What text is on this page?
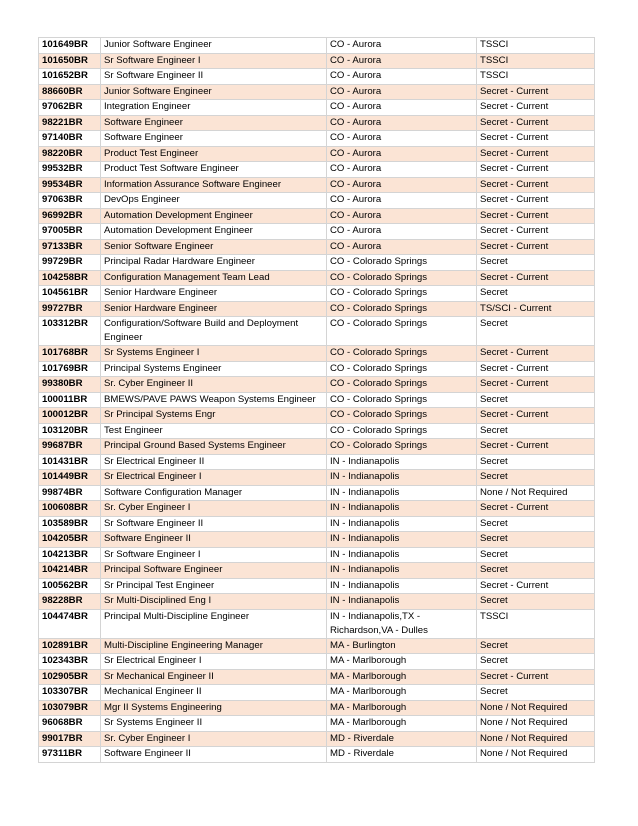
101649BR	Junior Software Engineer	CO - Aurora	TSSCI
101650BR	Sr Software Engineer I	CO - Aurora	TSSCI
101652BR	Sr Software Engineer II	CO - Aurora	TSSCI
88660BR	Junior Software Engineer	CO - Aurora	Secret - Current
97062BR	Integration Engineer	CO - Aurora	Secret - Current
98221BR	Software Engineer	CO - Aurora	Secret - Current
97140BR	Software Engineer	CO - Aurora	Secret - Current
98220BR	Product Test Engineer	CO - Aurora	Secret - Current
99532BR	Product Test Software Engineer	CO - Aurora	Secret - Current
99534BR	Information Assurance Software Engineer	CO - Aurora	Secret - Current
97063BR	DevOps Engineer	CO - Aurora	Secret - Current
96992BR	Automation Development Engineer	CO - Aurora	Secret - Current
97005BR	Automation Development Engineer	CO - Aurora	Secret - Current
97133BR	Senior Software Engineer	CO - Aurora	Secret - Current
99729BR	Principal Radar Hardware Engineer	CO - Colorado Springs	Secret
104258BR	Configuration Management Team Lead	CO - Colorado Springs	Secret - Current
104561BR	Senior Hardware Engineer	CO - Colorado Springs	Secret
99727BR	Senior Hardware Engineer	CO - Colorado Springs	TS/SCI - Current
103312BR	Configuration/Software Build and Deployment Engineer	CO - Colorado Springs	Secret
101768BR	Sr Systems Engineer I	CO - Colorado Springs	Secret - Current
101769BR	Principal Systems Engineer	CO - Colorado Springs	Secret - Current
99380BR	Sr. Cyber Engineer II	CO - Colorado Springs	Secret - Current
100011BR	BMEWS/PAVE PAWS Weapon Systems Engineer	CO - Colorado Springs	Secret
100012BR	Sr Principal Systems Engr	CO - Colorado Springs	Secret - Current
103120BR	Test Engineer	CO - Colorado Springs	Secret
99687BR	Principal Ground Based Systems Engineer	CO - Colorado Springs	Secret - Current
101431BR	Sr Electrical Engineer II	IN - Indianapolis	Secret
101449BR	Sr Electrical Engineer I	IN - Indianapolis	Secret
99874BR	Software Configuration Manager	IN - Indianapolis	None / Not Required
100608BR	Sr. Cyber Engineer I	IN - Indianapolis	Secret - Current
103589BR	Sr Software Engineer II	IN - Indianapolis	Secret
104205BR	Software Engineer II	IN - Indianapolis	Secret
104213BR	Sr Software Engineer I	IN - Indianapolis	Secret
104214BR	Principal Software Engineer	IN - Indianapolis	Secret
100562BR	Sr Principal Test Engineer	IN - Indianapolis	Secret - Current
98228BR	Sr Multi-Disciplined Eng I	IN - Indianapolis	Secret
104474BR	Principal Multi-Discipline Engineer	IN - Indianapolis,TX - Richardson,VA - Dulles	TSSCI
102891BR	Multi-Discipline Engineering Manager	MA - Burlington	Secret
102343BR	Sr Electrical Engineer I	MA - Marlborough	Secret
102905BR	Sr Mechanical Engineer II	MA - Marlborough	Secret - Current
103307BR	Mechanical Engineer II	MA - Marlborough	Secret
103079BR	Mgr II Systems Engineering	MA - Marlborough	None / Not Required
96068BR	Sr Systems Engineer II	MA - Marlborough	None / Not Required
99017BR	Sr. Cyber Engineer I	MD - Riverdale	None / Not Required
97311BR	Software Engineer II	MD - Riverdale	None / Not Required
